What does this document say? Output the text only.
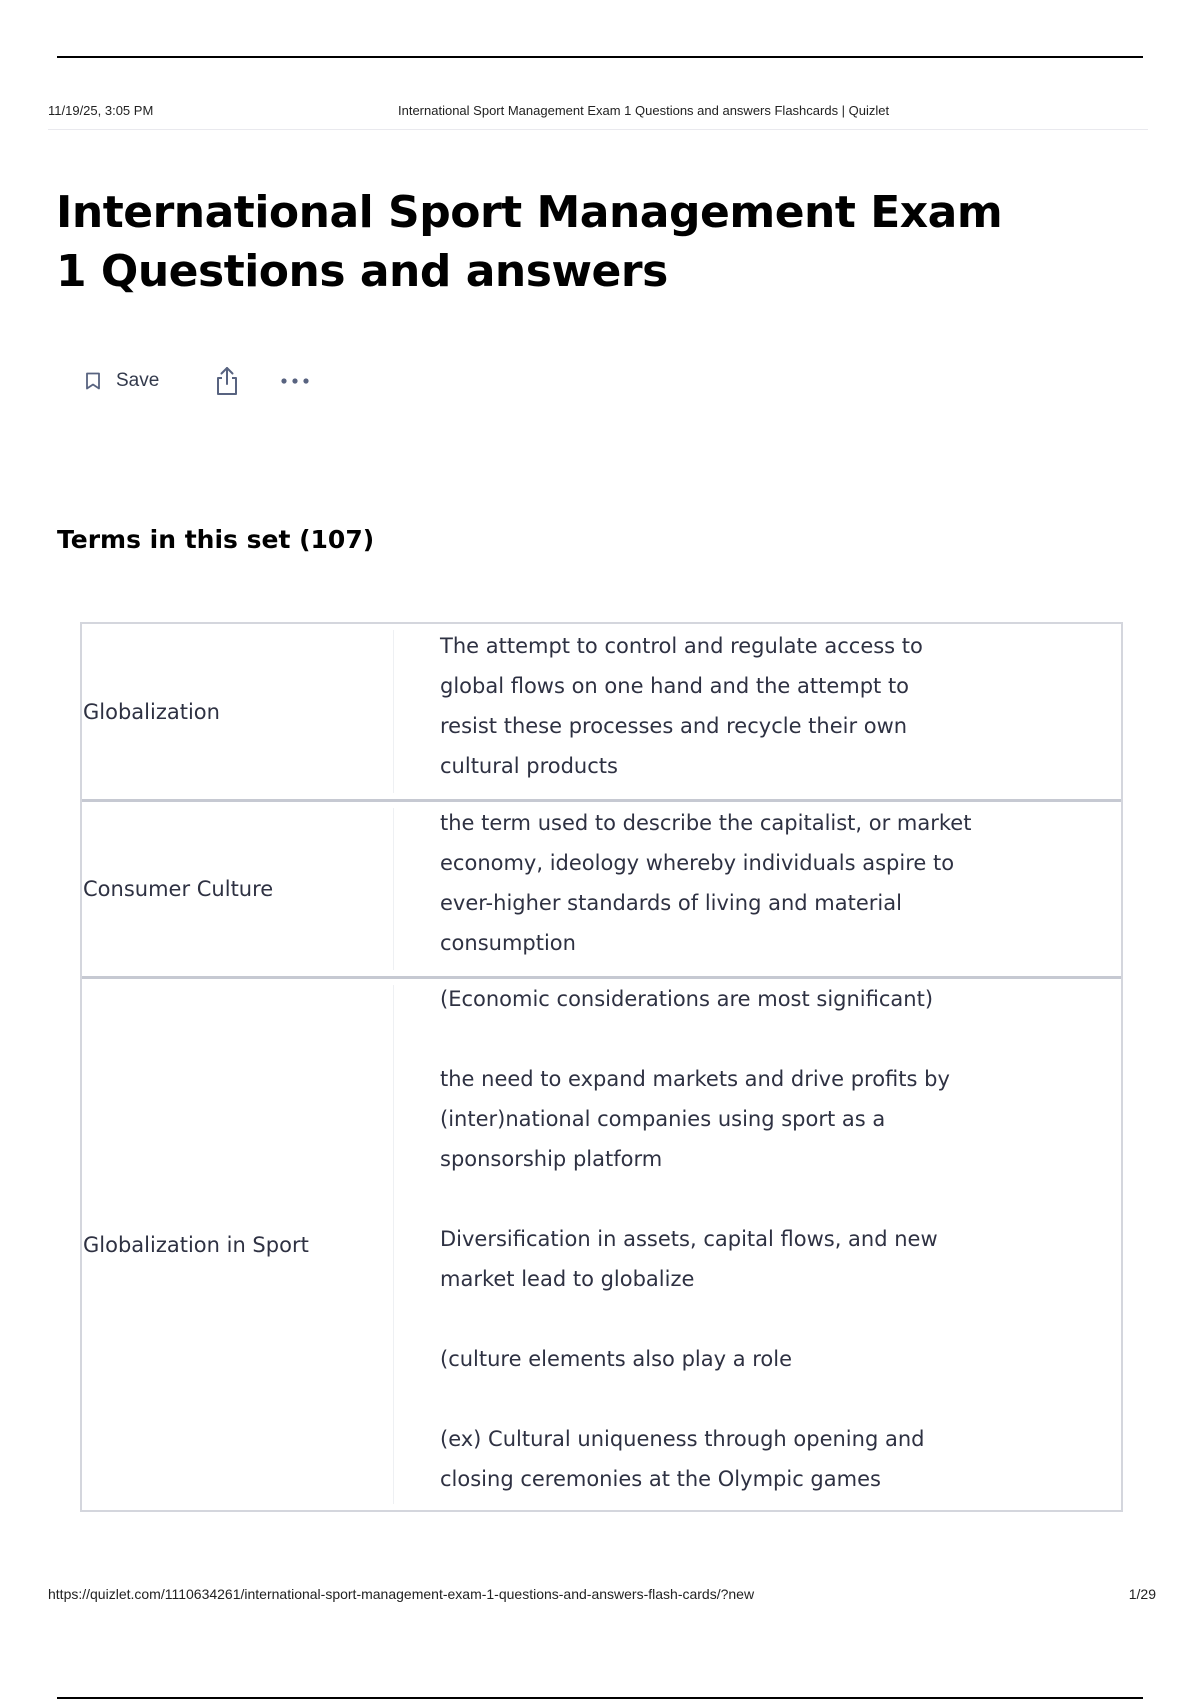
11/19/25, 3:05 PM	International Sport Management Exam 1 Questions and answers Flashcards | Quizlet
International Sport Management Exam 1 Questions and answers
Save
Terms in this set (107)
Globalization
The attempt to control and regulate access to
global flows on one hand and the attempt to
resist these processes and recycle their own
cultural products
Consumer Culture
the term used to describe the capitalist, or market
economy, ideology whereby individuals aspire to
ever-higher standards of living and material
consumption
Globalization in Sport
(Economic considerations are most significant)

the need to expand markets and drive profits by
(inter)national companies using sport as a
sponsorship platform

Diversification in assets, capital flows, and new
market lead to globalize

(culture elements also play a role

(ex) Cultural uniqueness through opening and
closing ceremonies at the Olympic games
https://quizlet.com/1110634261/international-sport-management-exam-1-questions-and-answers-flash-cards/?new	1/29
